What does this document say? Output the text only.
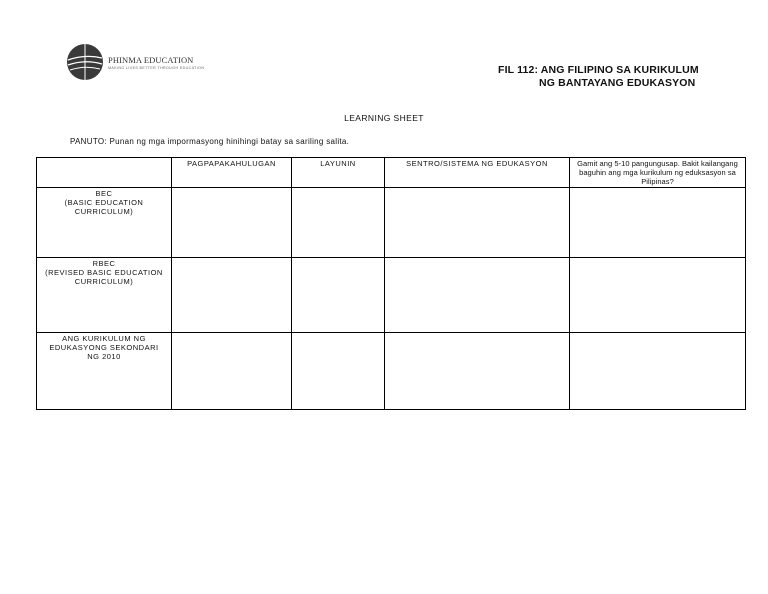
PHINMA EDUCATION
MAKING LIVES BETTER THROUGH EDUCATION	FIL 112: ANG FILIPINO SA KURIKULUM
NG BANTAYANG EDUKASYON
LEARNING SHEET
PANUTO: Punan ng mga impormasyong hinihingi batay sa sariling salita.
	PAGPAPAKAHULUGAN	LAYUNIN	SENTRO/SISTEMA NG EDUKASYON	Gamit ang 5-10 pangungusap. Bakit kailangang baguhin ang mga kurikulum ng eduksasyon sa Pilipinas?

BEC
(BASIC EDUCATION
CURRICULUM)				

RBEC
(REVISED BASIC EDUCATION
CURRICULUM)				

ANG KURIKULUM NG
EDUKASYONG SEKONDARI
NG 2010				
